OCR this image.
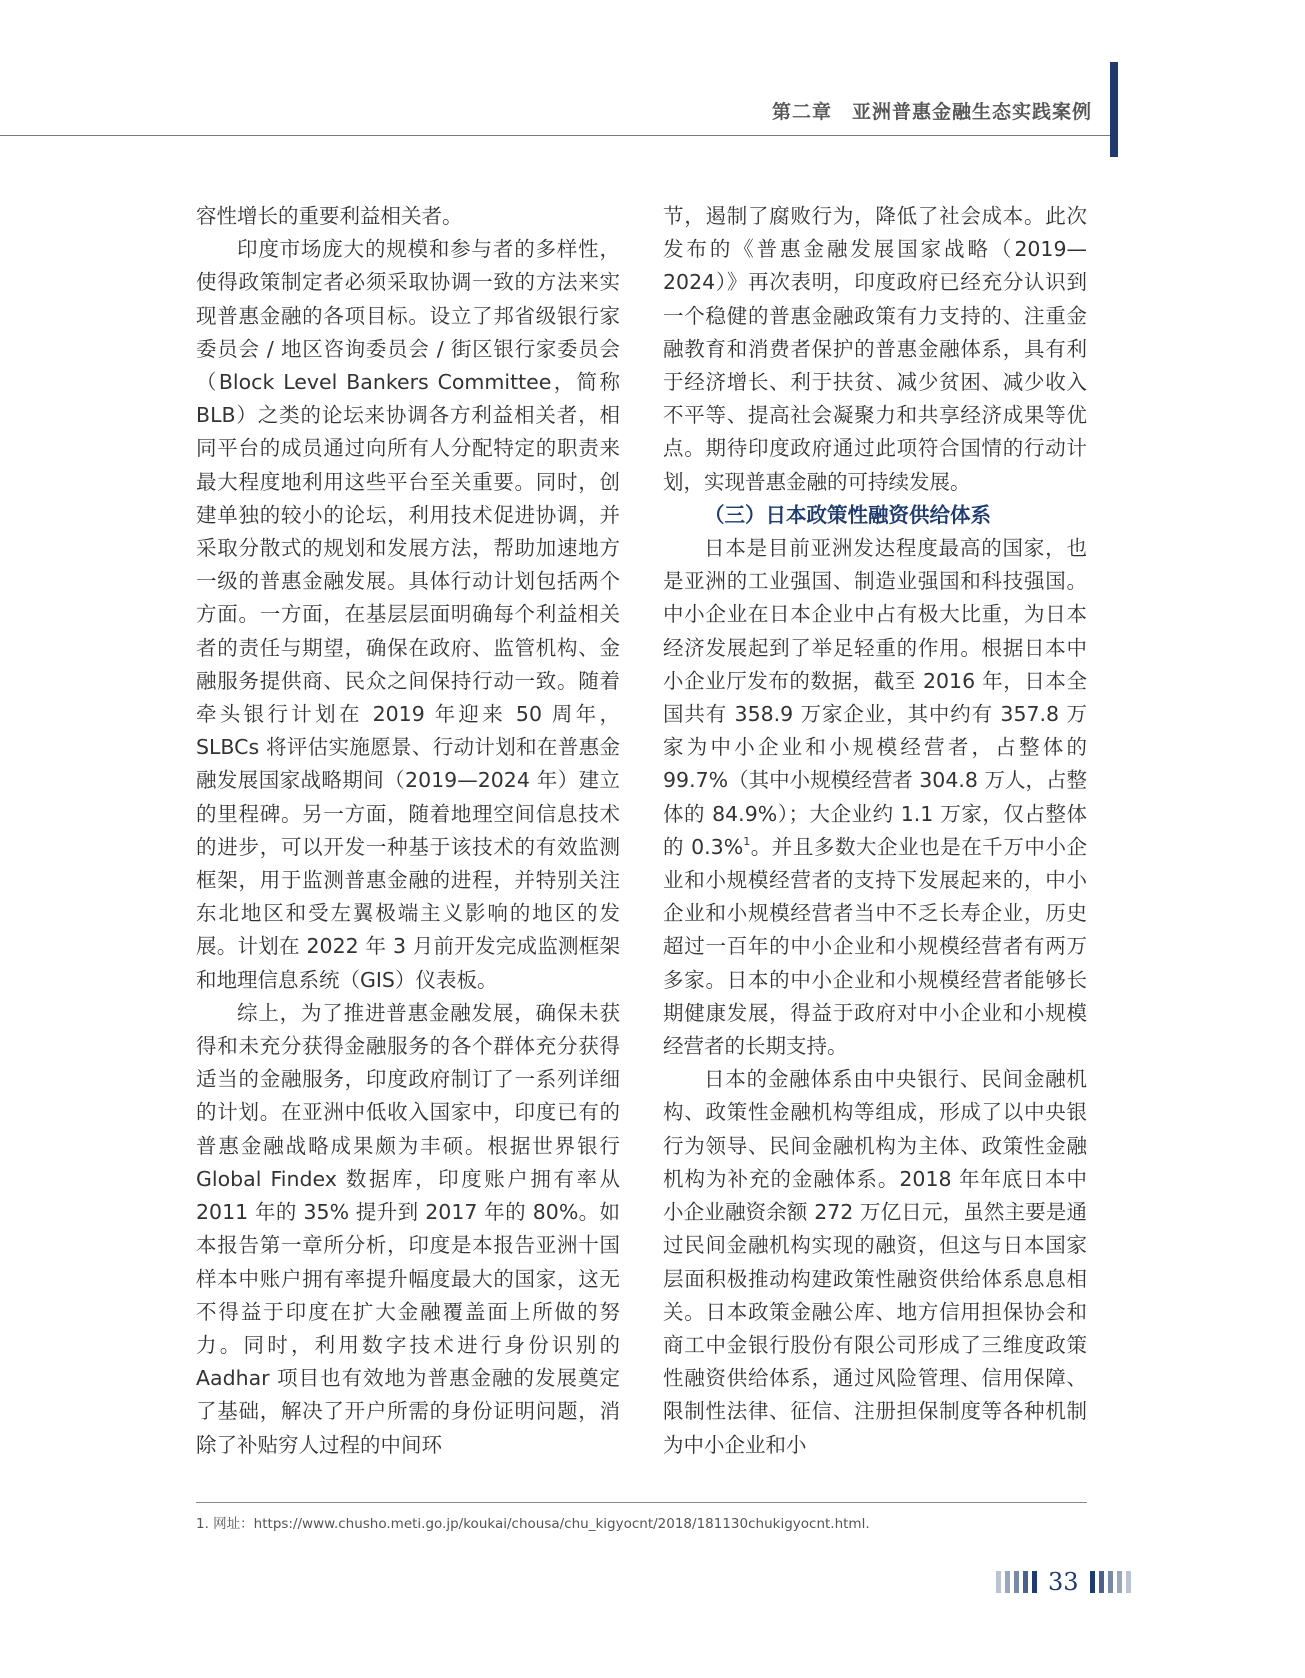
第二章　亚洲普惠金融生态实践案例

容性增长的重要利益相关者。

印度市场庞大的规模和参与者的多样性，使得政策制定者必须采取协调一致的方法来实现普惠金融的各项目标。设立了邦省级银行家委员会 / 地区咨询委员会 / 街区银行家委员会（Block Level Bankers Committee，简称 BLB）之类的论坛来协调各方利益相关者，相同平台的成员通过向所有人分配特定的职责来最大程度地利用这些平台至关重要。同时，创建单独的较小的论坛，利用技术促进协调，并采取分散式的规划和发展方法，帮助加速地方一级的普惠金融发展。具体行动计划包括两个方面。一方面，在基层层面明确每个利益相关者的责任与期望，确保在政府、监管机构、金融服务提供商、民众之间保持行动一致。随着牵头银行计划在 2019 年迎来 50 周年，SLBCs 将评估实施愿景、行动计划和在普惠金融发展国家战略期间（2019—2024 年）建立的里程碑。另一方面，随着地理空间信息技术的进步，可以开发一种基于该技术的有效监测框架，用于监测普惠金融的进程，并特别关注东北地区和受左翼极端主义影响的地区的发展。计划在 2022 年 3 月前开发完成监测框架和地理信息系统（GIS）仪表板。

综上，为了推进普惠金融发展，确保未获得和未充分获得金融服务的各个群体充分获得适当的金融服务，印度政府制订了一系列详细的计划。在亚洲中低收入国家中，印度已有的普惠金融战略成果颇为丰硕。根据世界银行 Global Findex 数据库，印度账户拥有率从 2011 年的 35% 提升到 2017 年的 80%。如本报告第一章所分析，印度是本报告亚洲十国样本中账户拥有率提升幅度最大的国家，这无不得益于印度在扩大金融覆盖面上所做的努力。同时，利用数字技术进行身份识别的 Aadhar 项目也有效地为普惠金融的发展奠定了基础，解决了开户所需的身份证明问题，消除了补贴穷人过程的中间环

节，遏制了腐败行为，降低了社会成本。此次发布的《普惠金融发展国家战略（2019—2024）》再次表明，印度政府已经充分认识到一个稳健的普惠金融政策有力支持的、注重金融教育和消费者保护的普惠金融体系，具有利于经济增长、利于扶贫、减少贫困、减少收入不平等、提高社会凝聚力和共享经济成果等优点。期待印度政府通过此项符合国情的行动计划，实现普惠金融的可持续发展。

（三）日本政策性融资供给体系

日本是目前亚洲发达程度最高的国家，也是亚洲的工业强国、制造业强国和科技强国。中小企业在日本企业中占有极大比重，为日本经济发展起到了举足轻重的作用。根据日本中小企业厅发布的数据，截至 2016 年，日本全国共有 358.9 万家企业，其中约有 357.8 万家为中小企业和小规模经营者，占整体的 99.7%（其中小规模经营者 304.8 万人，占整体的 84.9%）；大企业约 1.1 万家，仅占整体的 0.3%$^1$。并且多数大企业也是在千万中小企业和小规模经营者的支持下发展起来的，中小企业和小规模经营者当中不乏长寿企业，历史超过一百年的中小企业和小规模经营者有两万多家。日本的中小企业和小规模经营者能够长期健康发展，得益于政府对中小企业和小规模经营者的长期支持。

日本的金融体系由中央银行、民间金融机构、政策性金融机构等组成，形成了以中央银行为领导、民间金融机构为主体、政策性金融机构为补充的金融体系。2018 年年底日本中小企业融资余额 272 万亿日元，虽然主要是通过民间金融机构实现的融资，但这与日本国家层面积极推动构建政策性融资供给体系息息相关。日本政策金融公库、地方信用担保协会和商工中金银行股份有限公司形成了三维度政策性融资供给体系，通过风险管理、信用保障、限制性法律、征信、注册担保制度等各种机制为中小企业和小

1. 网址：https://www.chusho.meti.go.jp/koukai/chousa/chu_kigyocnt/2018/181130chukigyocnt.html.
33
